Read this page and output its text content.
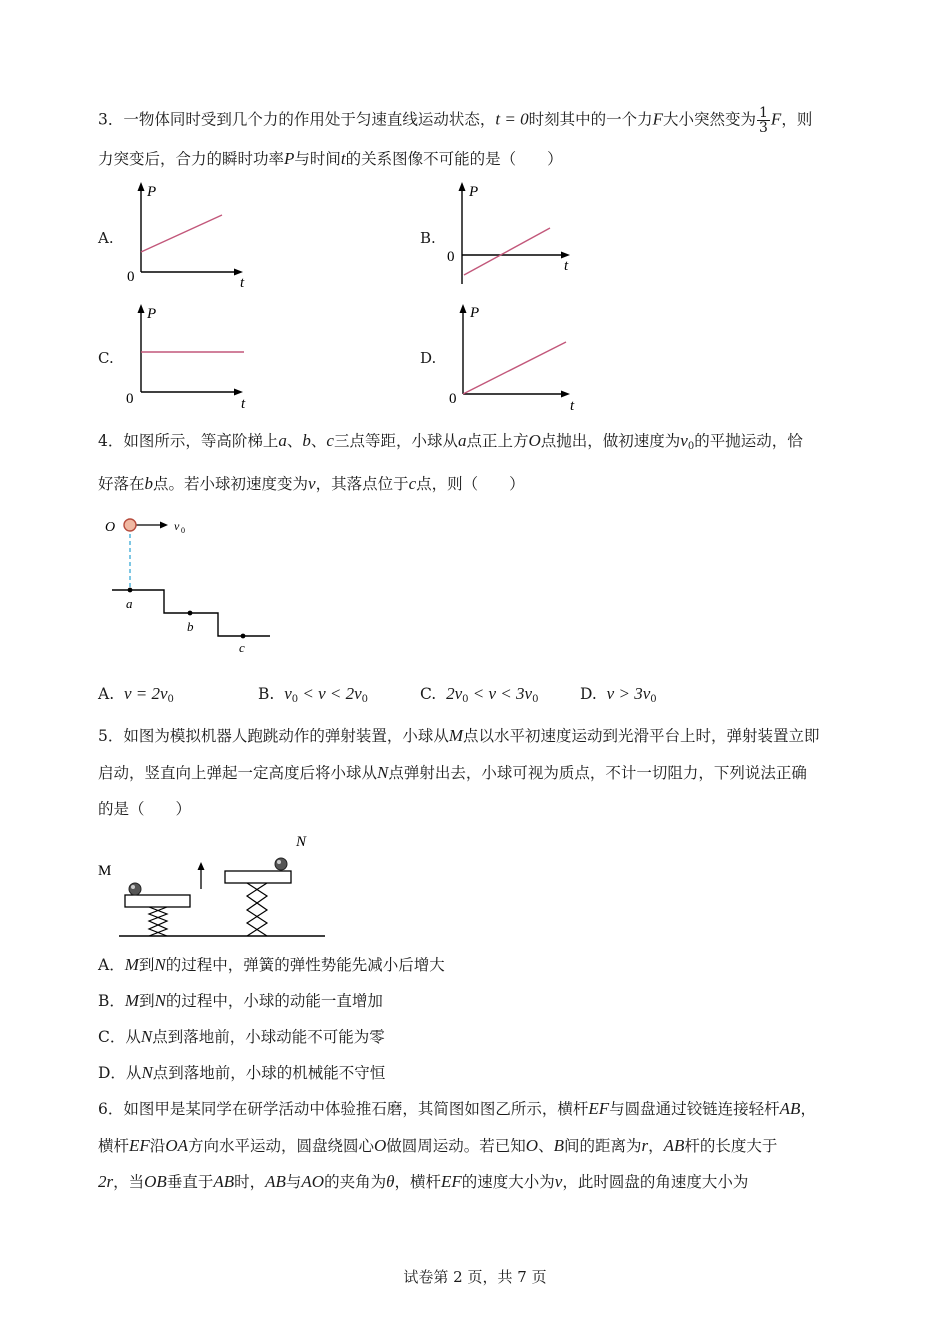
3．一物体同时受到几个力的作用处于匀速直线运动状态，t = 0时刻其中的一个力F大小突然变为 $\frac{1}{3}$ F，则
力突变后，合力的瞬时功率P与时间t的关系图像不可能的是（　　）
A.	B.
C.	D.
P
t
0
P
t
0
P
t
0
P
t
0
4．如图所示，等高阶梯上a、b、c三点等距，小球从a点正上方O点抛出，做初速度为$v_0$的平抛运动，恰
好落在b点。若小球初速度变为v，其落点位于c点，则（　　）
O	v 0
a
b
c
A. $v = 2v_0$	B. $v_0 < v < 2v_0$	C. $2v_0 < v < 3v_0$	D. $v > 3v_0$
5．如图为模拟机器人跑跳动作的弹射装置，小球从M点以水平初速度运动到光滑平台上时，弹射装置立即
启动，竖直向上弹起一定高度后将小球从N点弹射出去，小球可视为质点，不计一切阻力，下列说法正确
的是（　　）
M
N
A．M到N的过程中，弹簧的弹性势能先减小后增大
B．M到N的过程中，小球的动能一直增加
C．从N点到落地前，小球动能不可能为零
D．从N点到落地前，小球的机械能不守恒
6．如图甲是某同学在研学活动中体验推石磨，其简图如图乙所示，横杆EF与圆盘通过铰链连接轻杆AB，
横杆EF沿OA方向水平运动，圆盘绕圆心O做圆周运动。若已知O、B间的距离为r，AB杆的长度大于
2r，当OB垂直于AB时，AB与AO的夹角为θ，横杆EF的速度大小为v，此时圆盘的角速度大小为
试卷第 2 页，共 7 页
